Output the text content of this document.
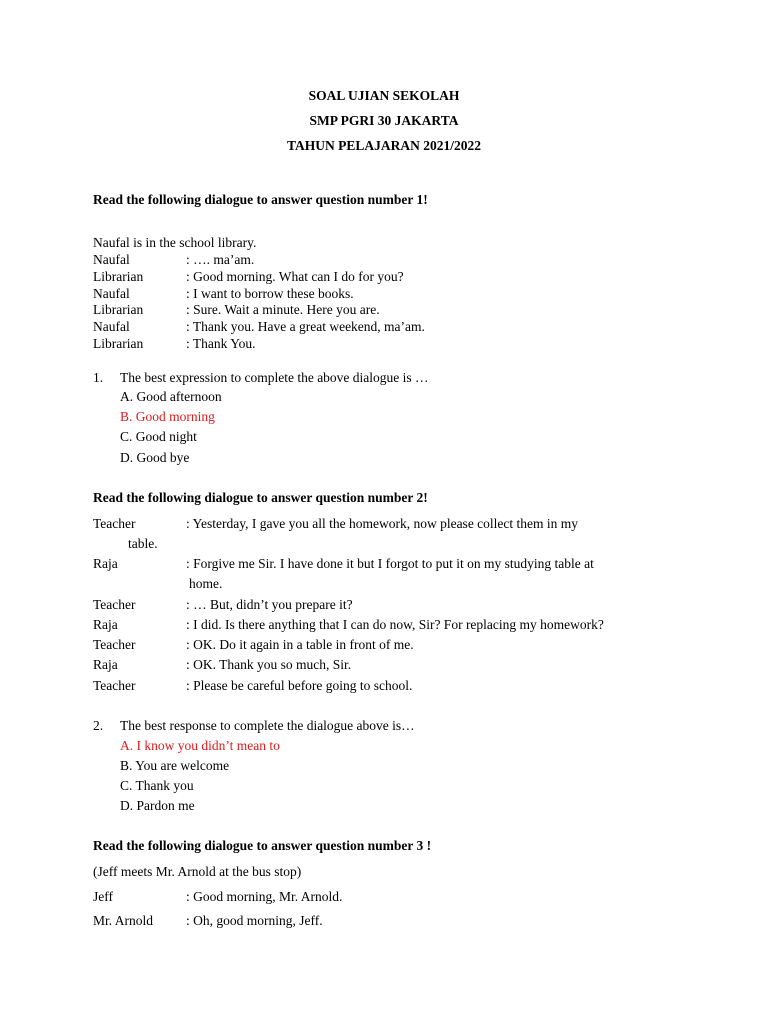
SOAL UJIAN SEKOLAH
SMP PGRI 30 JAKARTA
TAHUN PELAJARAN 2021/2022
Read the following dialogue to answer question number 1!
Naufal is in the school library.
Naufal	: …. ma’am.
Librarian	: Good morning. What can I do for you?
Naufal	: I want to borrow these books.
Librarian	: Sure. Wait a minute. Here you are.
Naufal	: Thank you. Have a great weekend, ma’am.
Librarian	: Thank You.
1. The best expression to complete the above dialogue is …
A. Good afternoon
B. Good morning
C. Good night
D. Good bye
Read the following dialogue to answer question number 2!
Teacher	: Yesterday, I gave you all the homework, now please collect them in my
table.
Raja	: Forgive me Sir. I have done it but I forgot to put it on my studying table at
home.
Teacher	: … But, didn’t you prepare it?
Raja	: I did. Is there anything that I can do now, Sir? For replacing my homework?
Teacher	: OK. Do it again in a table in front of me.
Raja	: OK. Thank you so much, Sir.
Teacher	: Please be careful before going to school.
2. The best response to complete the dialogue above is…
A. I know you didn’t mean to
B. You are welcome
C. Thank you
D. Pardon me
Read the following dialogue to answer question number 3 !
(Jeff meets Mr. Arnold at the bus stop)
Jeff	: Good morning, Mr. Arnold.
Mr. Arnold : Oh, good morning, Jeff.
